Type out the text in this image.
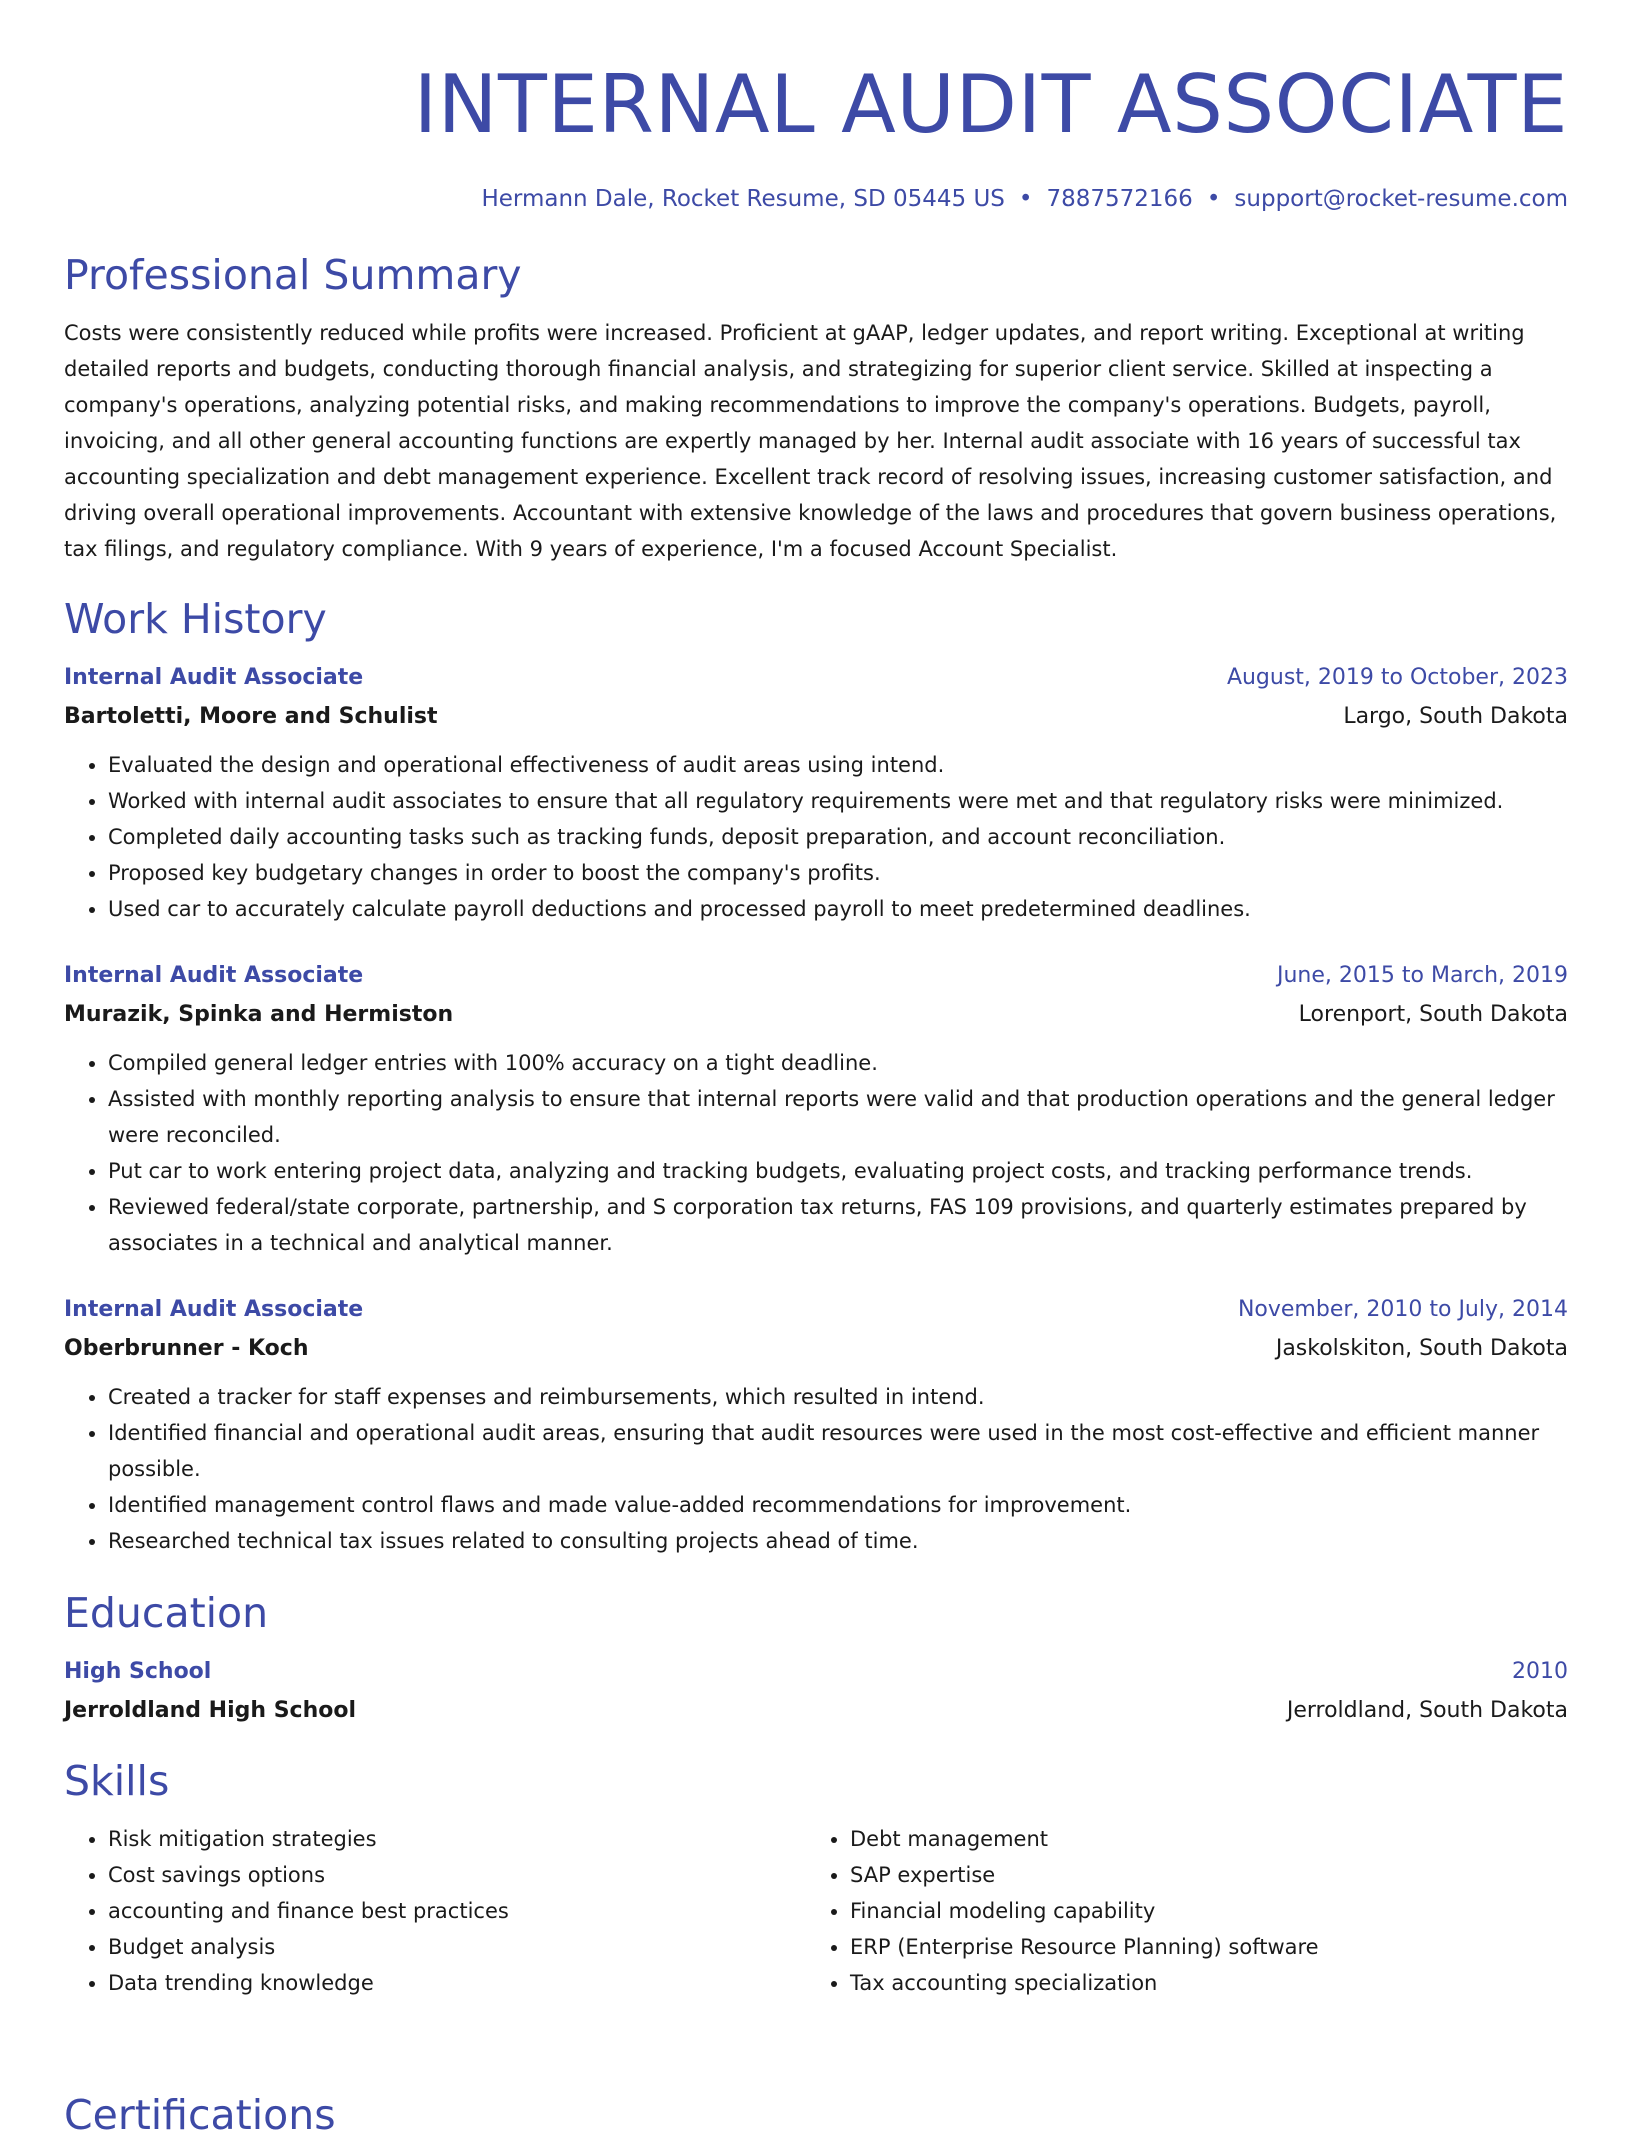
INTERNAL AUDIT ASSOCIATE
Hermann Dale, Rocket Resume, SD 05445 US • 7887572166 • support@rocket-resume.com
Professional Summary

Costs were consistently reduced while profits were increased. Proficient at gAAP, ledger updates, and report writing. Exceptional at writing detailed reports and budgets, conducting thorough financial analysis, and strategizing for superior client service. Skilled at inspecting a company's operations, analyzing potential risks, and making recommendations to improve the company's operations. Budgets, payroll, invoicing, and all other general accounting functions are expertly managed by her. Internal audit associate with 16 years of successful tax accounting specialization and debt management experience. Excellent track record of resolving issues, increasing customer satisfaction, and driving overall operational improvements. Accountant with extensive knowledge of the laws and procedures that govern business operations, tax filings, and regulatory compliance. With 9 years of experience, I'm a focused Account Specialist.

Work History
Internal Audit Associate	August, 2019 to October, 2023
Bartoletti, Moore and Schulist	Largo, South Dakota
• Evaluated the design and operational effectiveness of audit areas using intend.
• Worked with internal audit associates to ensure that all regulatory requirements were met and that regulatory risks were minimized.
• Completed daily accounting tasks such as tracking funds, deposit preparation, and account reconciliation.
• Proposed key budgetary changes in order to boost the company's profits.
• Used car to accurately calculate payroll deductions and processed payroll to meet predetermined deadlines.
Internal Audit Associate	June, 2015 to March, 2019
Murazik, Spinka and Hermiston	Lorenport, South Dakota
• Compiled general ledger entries with 100% accuracy on a tight deadline.
• Assisted with monthly reporting analysis to ensure that internal reports were valid and that production operations and the general ledger were reconciled.
• Put car to work entering project data, analyzing and tracking budgets, evaluating project costs, and tracking performance trends.
• Reviewed federal/state corporate, partnership, and S corporation tax returns, FAS 109 provisions, and quarterly estimates prepared by associates in a technical and analytical manner.
Internal Audit Associate	November, 2010 to July, 2014
Oberbrunner - Koch	Jaskolskiton, South Dakota
• Created a tracker for staff expenses and reimbursements, which resulted in intend.
• Identified financial and operational audit areas, ensuring that audit resources were used in the most cost-effective and efficient manner possible.
• Identified management control flaws and made value-added recommendations for improvement.
• Researched technical tax issues related to consulting projects ahead of time.
Education
High School	2010
Jerroldland High School	Jerroldland, South Dakota
Skills
• Risk mitigation strategies
• Cost savings options
• accounting and finance best practices
• Budget analysis
• Data trending knowledge
• Debt management
• SAP expertise
• Financial modeling capability
• ERP (Enterprise Resource Planning) software
• Tax accounting specialization
Certifications
